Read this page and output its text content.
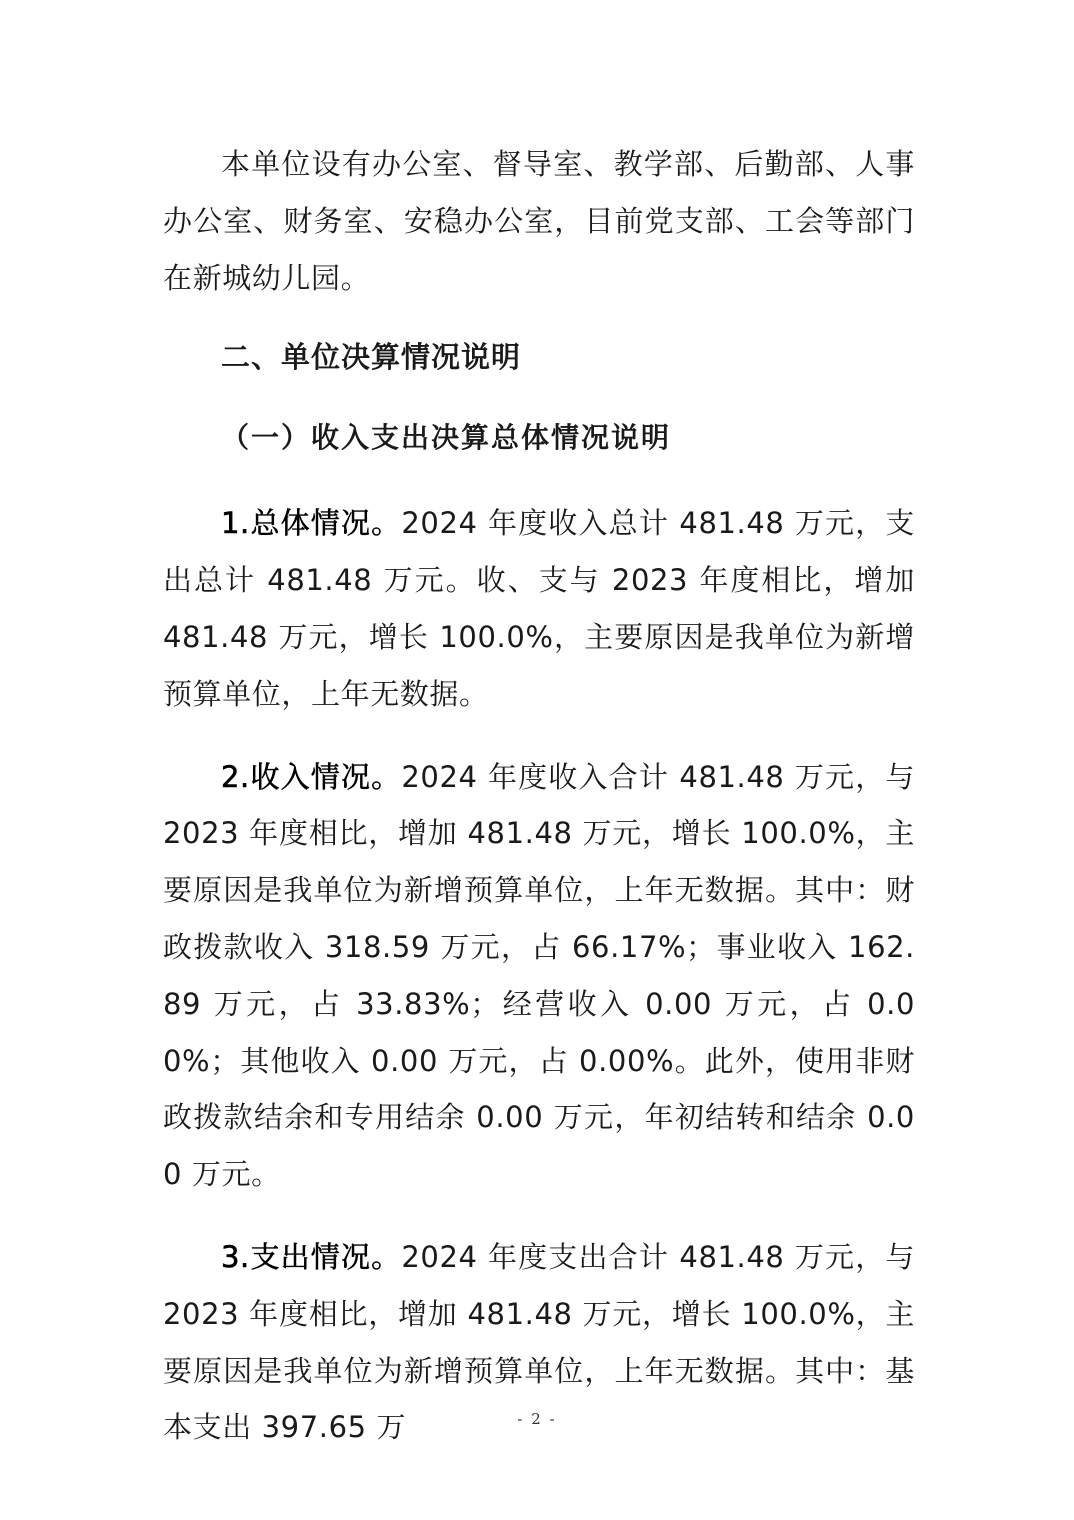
本单位设有办公室、督导室、教学部、后勤部、人事办公室、财务室、安稳办公室，目前党支部、工会等部门在新城幼儿园。

二、单位决算情况说明
（一）收入支出决算总体情况说明

1.总体情况。2024 年度收入总计 481.48 万元，支出总计 481.48 万元。收、支与 2023 年度相比，增加 481.48 万元，增长 100.0%，主要原因是我单位为新增预算单位，上年无数据。

2.收入情况。2024 年度收入合计 481.48 万元，与 2023 年度相比，增加 481.48 万元，增长 100.0%，主要原因是我单位为新增预算单位，上年无数据。其中：财政拨款收入 318.59 万元，占 66.17%；事业收入 162.89 万元，占 33.83%；经营收入 0.00 万元，占 0.00%；其他收入 0.00 万元，占 0.00%。此外，使用非财政拨款结余和专用结余 0.00 万元，年初结转和结余 0.00 万元。

3.支出情况。2024 年度支出合计 481.48 万元，与 2023 年度相比，增加 481.48 万元，增长 100.0%，主要原因是我单位为新增预算单位，上年无数据。其中：基本支出 397.65 万	- 2 -
